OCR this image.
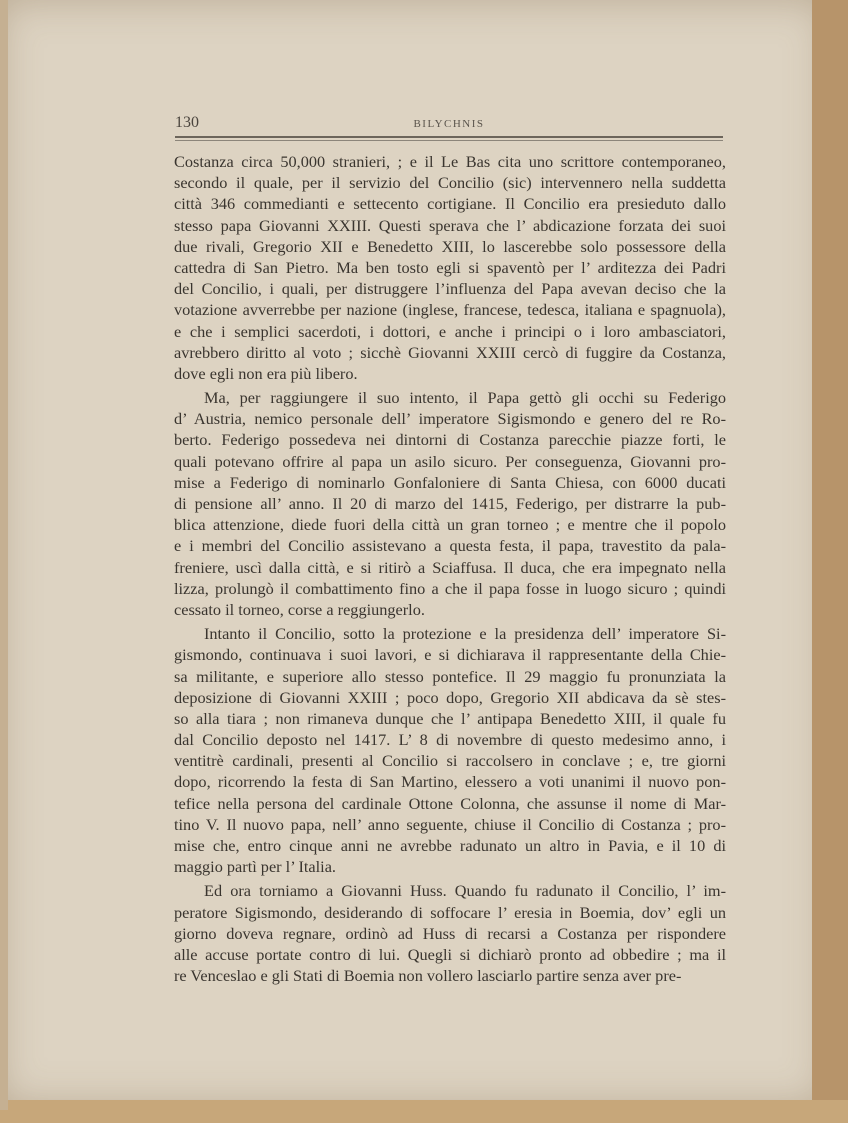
130	BILYCHNIS
Costanza circa 50,000 stranieri, ; e il Le Bas cita uno scrittore contemporaneo,
secondo il quale, per il servizio del Concilio (sic) intervennero nella suddetta
città 346 commedianti e settecento cortigiane. Il Concilio era presieduto dallo
stesso papa Giovanni XXIII. Questi sperava che l’ abdicazione forzata dei suoi
due rivali, Gregorio XII e Benedetto XIII, lo lascerebbe solo possessore della
cattedra di San Pietro. Ma ben tosto egli si spaventò per l’ arditezza dei Padri
del Concilio, i quali, per distruggere l’influenza del Papa avevan deciso che la
votazione avverrebbe per nazione (inglese, francese, tedesca, italiana e spagnuola),
e che i semplici sacerdoti, i dottori, e anche i principi o i loro ambasciatori,
avrebbero diritto al voto ; sicchè Giovanni XXIII cercò di fuggire da Costanza,
dove egli non era più libero.
Ma, per raggiungere il suo intento, il Papa gettò gli occhi su Federigo
d’ Austria, nemico personale dell’ imperatore Sigismondo e genero del re Ro-
berto. Federigo possedeva nei dintorni di Costanza parecchie piazze forti, le
quali potevano offrire al papa un asilo sicuro. Per conseguenza, Giovanni pro-
mise a Federigo di nominarlo Gonfaloniere di Santa Chiesa, con 6000 ducati
di pensione all’ anno. Il 20 di marzo del 1415, Federigo, per distrarre la pub-
blica attenzione, diede fuori della città un gran torneo ; e mentre che il popolo
e i membri del Concilio assistevano a questa festa, il papa, travestito da pala-
freniere, uscì dalla città, e si ritirò a Sciaffusa. Il duca, che era impegnato nella
lizza, prolungò il combattimento fino a che il papa fosse in luogo sicuro ; quindi
cessato il torneo, corse a reggiungerlo.
Intanto il Concilio, sotto la protezione e la presidenza dell’ imperatore Si-
gismondo, continuava i suoi lavori, e si dichiarava il rappresentante della Chie-
sa militante, e superiore allo stesso pontefice. Il 29 maggio fu pronunziata la
deposizione di Giovanni XXIII ; poco dopo, Gregorio XII abdicava da sè stes-
so alla tiara ; non rimaneva dunque che l’ antipapa Benedetto XIII, il quale fu
dal Concilio deposto nel 1417. L’ 8 di novembre di questo medesimo anno, i
ventitrè cardinali, presenti al Concilio si raccolsero in conclave ; e, tre giorni
dopo, ricorrendo la festa di San Martino, elessero a voti unanimi il nuovo pon-
tefice nella persona del cardinale Ottone Colonna, che assunse il nome di Mar-
tino V. Il nuovo papa, nell’ anno seguente, chiuse il Concilio di Costanza ; pro-
mise che, entro cinque anni ne avrebbe radunato un altro in Pavia, e il 10 di
maggio partì per l’ Italia.
Ed ora torniamo a Giovanni Huss. Quando fu radunato il Concilio, l’ im-
peratore Sigismondo, desiderando di soffocare l’ eresia in Boemia, dov’ egli un
giorno doveva regnare, ordinò ad Huss di recarsi a Costanza per rispondere
alle accuse portate contro di lui. Quegli si dichiarò pronto ad obbedire ; ma il
re Venceslao e gli Stati di Boemia non vollero lasciarlo partire senza aver pre-
